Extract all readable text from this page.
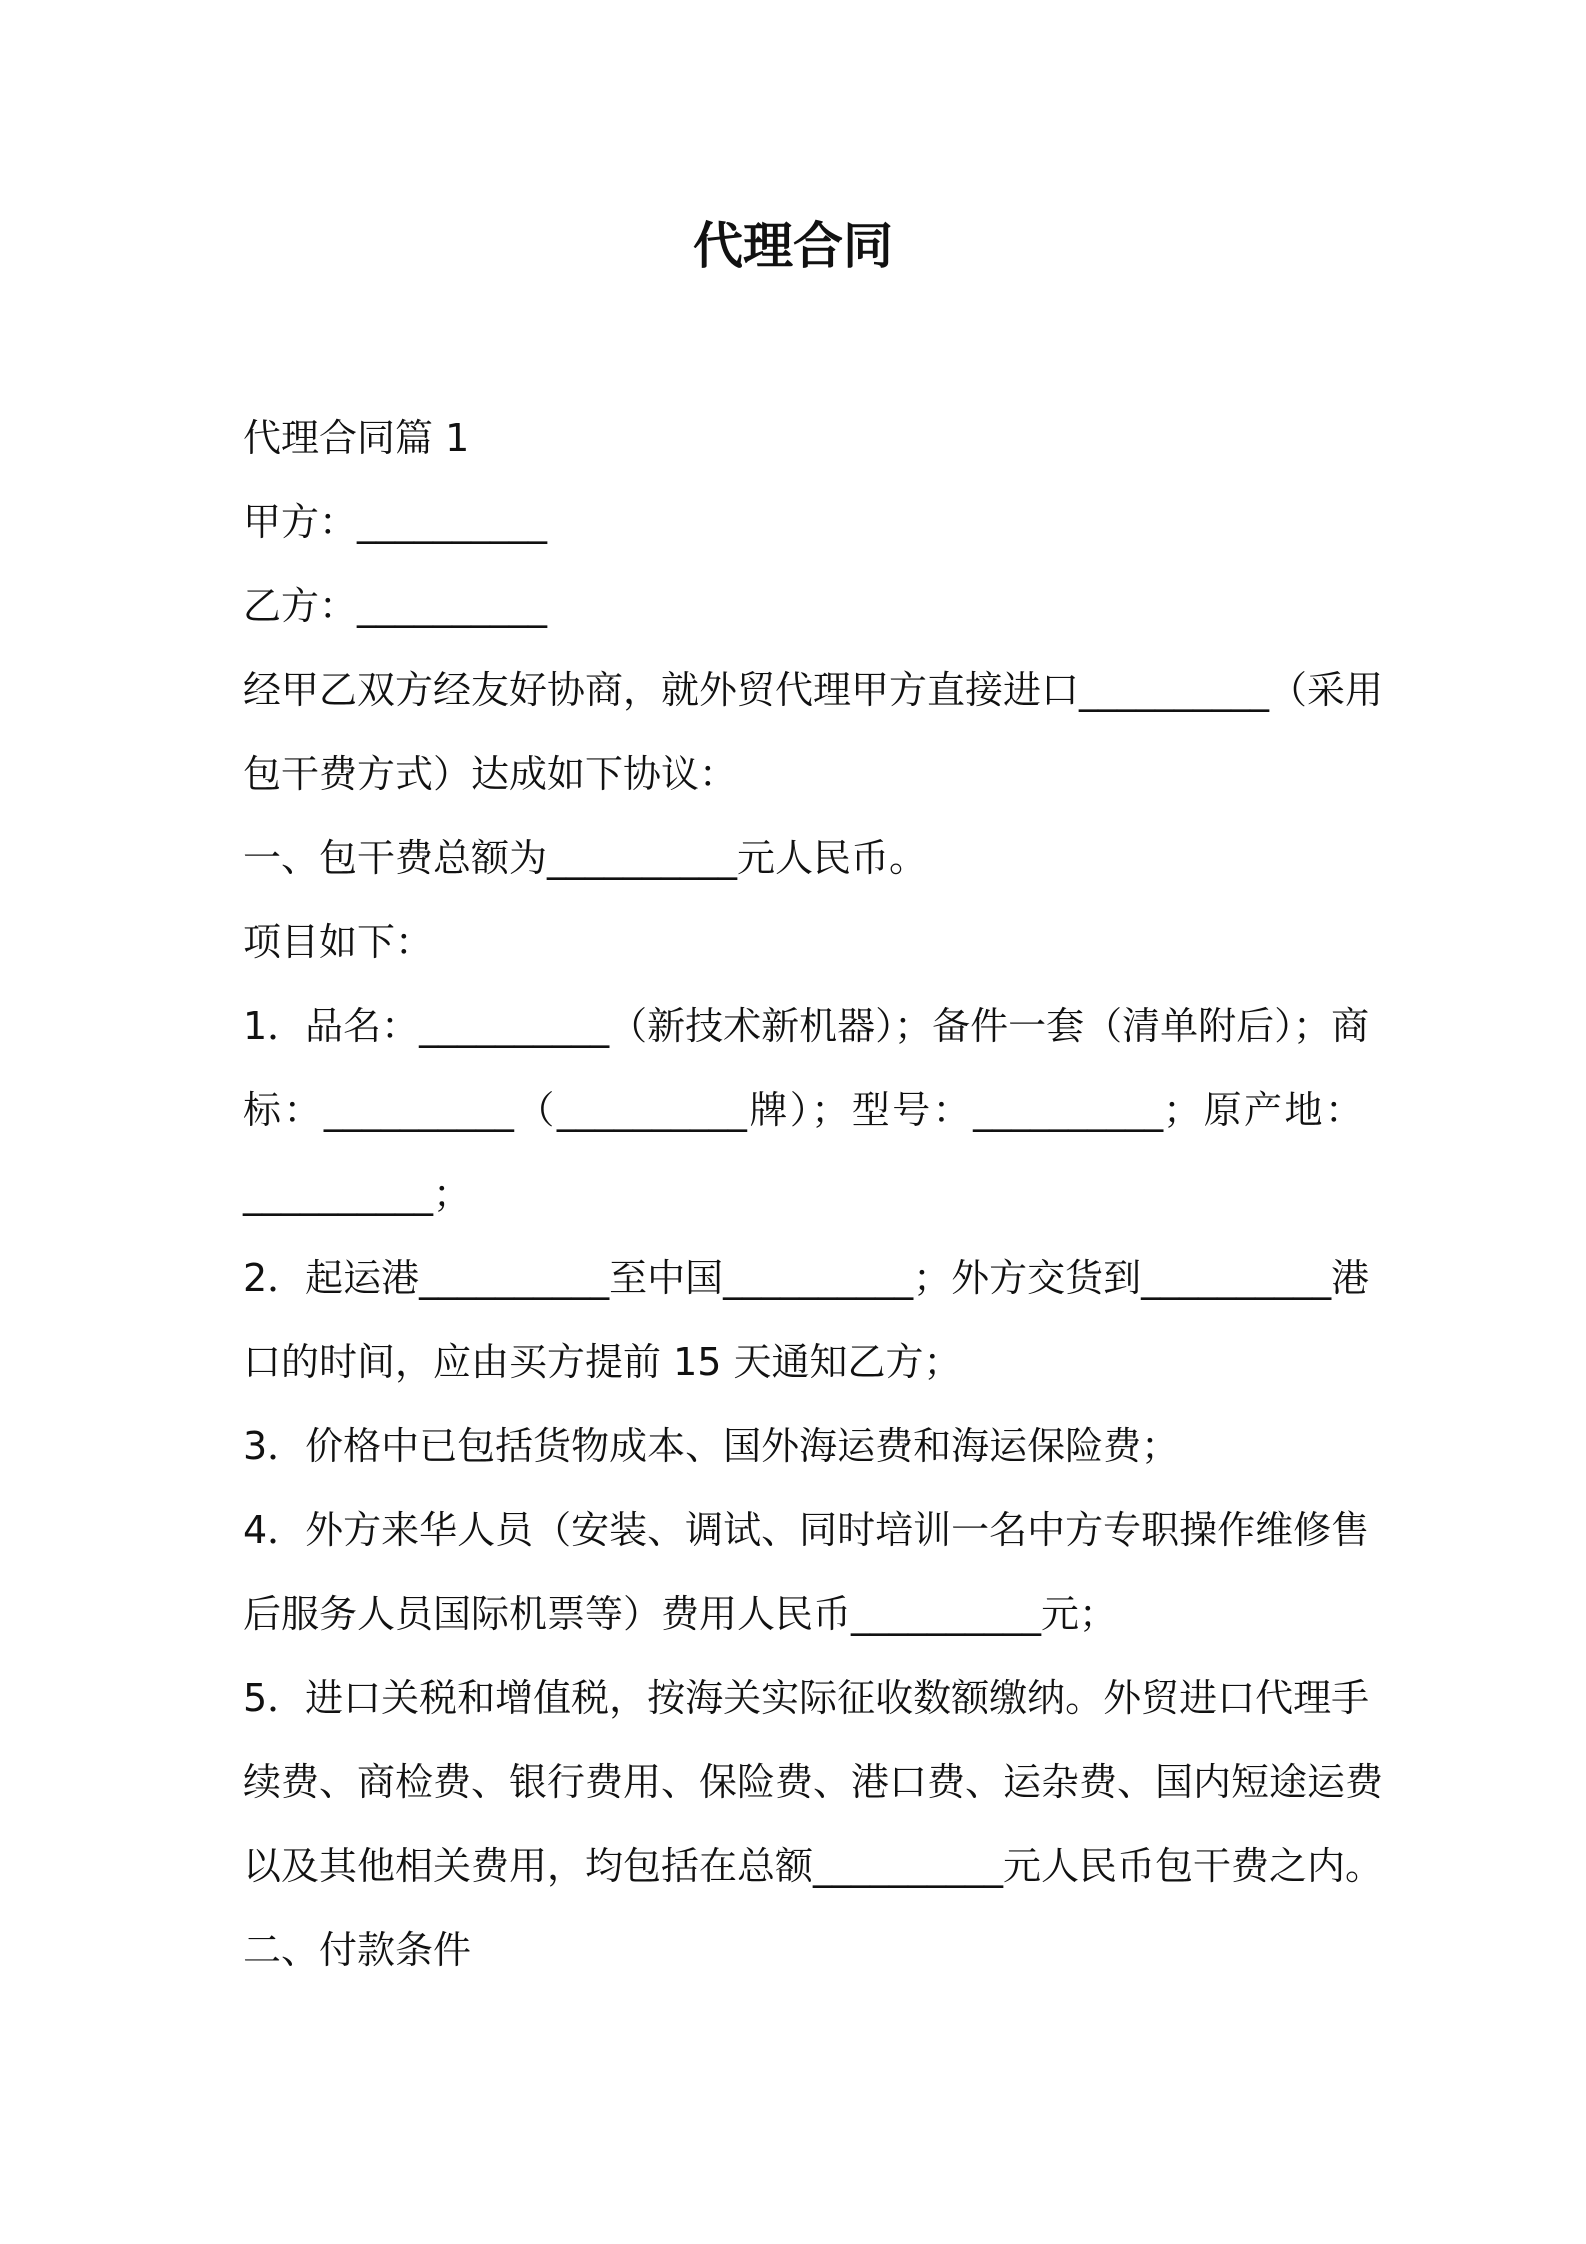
代理合同

代理合同篇 1

甲方：__________

乙方：__________

经甲乙双方经友好协商，就外贸代理甲方直接进口__________（采用

包干费方式）达成如下协议：

一、包干费总额为__________元人民币。

项目如下：

1．品名：__________（新技术新机器）；备件一套（清单附后）；商

标：__________（__________牌）；型号：__________；原产地：

__________；

2．起运港__________至中国__________；外方交货到__________港

口的时间，应由买方提前 15 天通知乙方；

3．价格中已包括货物成本、国外海运费和海运保险费；

4．外方来华人员（安装、调试、同时培训一名中方专职操作维修售

后服务人员国际机票等）费用人民币__________元；

5．进口关税和增值税，按海关实际征收数额缴纳。外贸进口代理手

续费、商检费、银行费用、保险费、港口费、运杂费、国内短途运费

以及其他相关费用，均包括在总额__________元人民币包干费之内。

二、付款条件
